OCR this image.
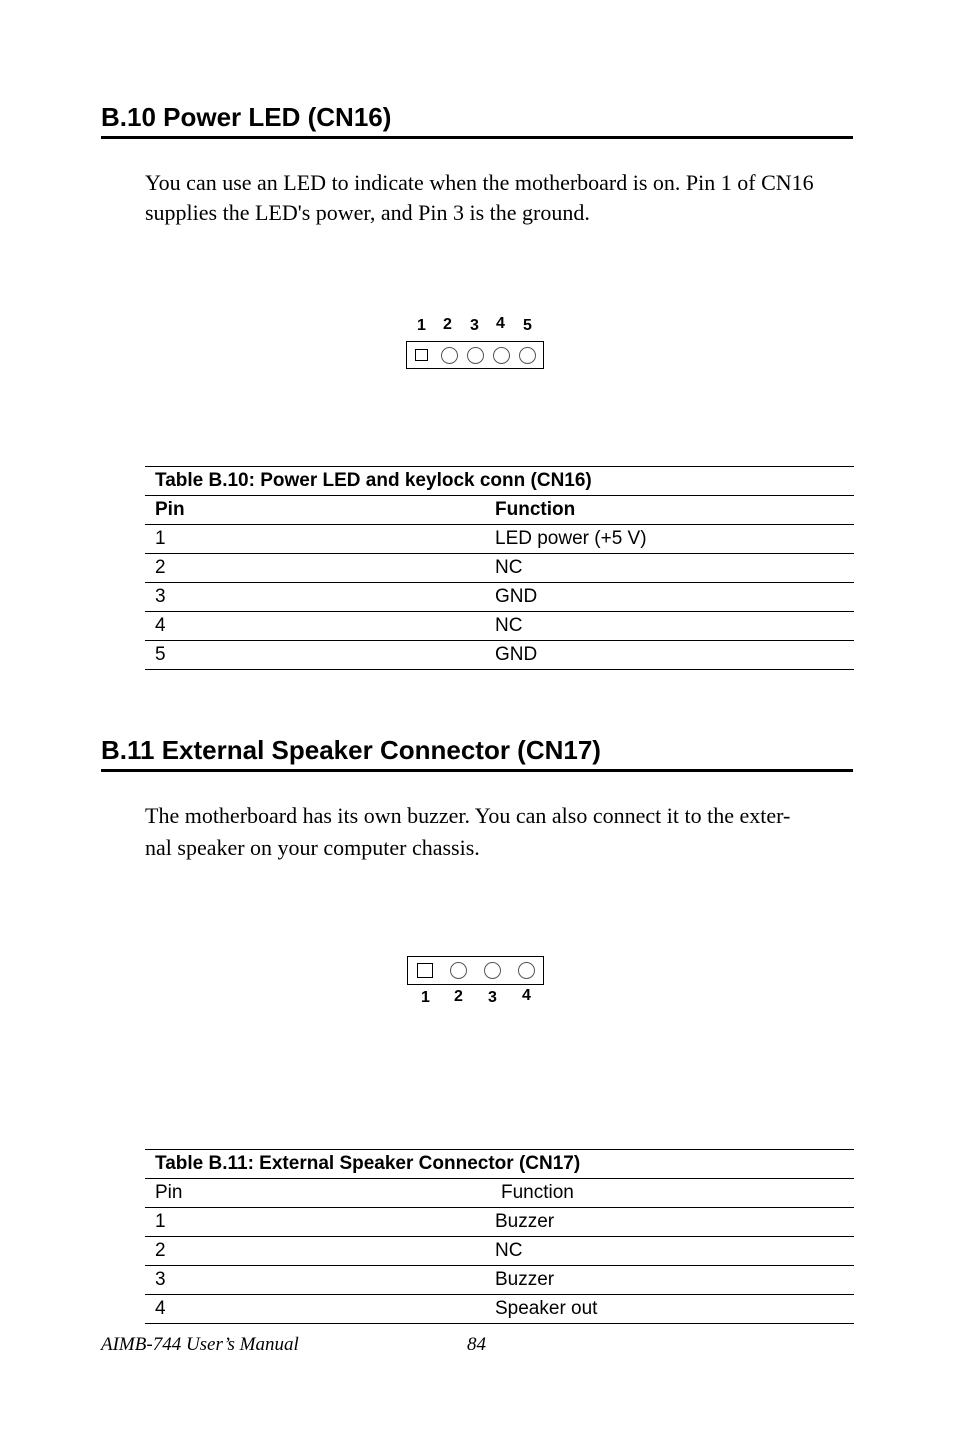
B.10 Power LED (CN16)
You can use an LED to indicate when the motherboard is on. Pin 1 of CN16 supplies the LED's power, and Pin 3 is the ground.
1 2 3 4 5
Table B.10: Power LED and keylock conn (CN16)	
Pin	Function
1	LED power (+5 V)
2	NC
3	GND
4	NC
5	GND
B.11 External Speaker Connector (CN17)
The motherboard has its own buzzer. You can also connect it to the exter-
nal speaker on your computer chassis.
1 2 3 4
Table B.11: External Speaker Connector (CN17)	
Pin	Function
1	Buzzer
2	NC
3	Buzzer
4	Speaker out
AIMB-744 User’s Manual	84
